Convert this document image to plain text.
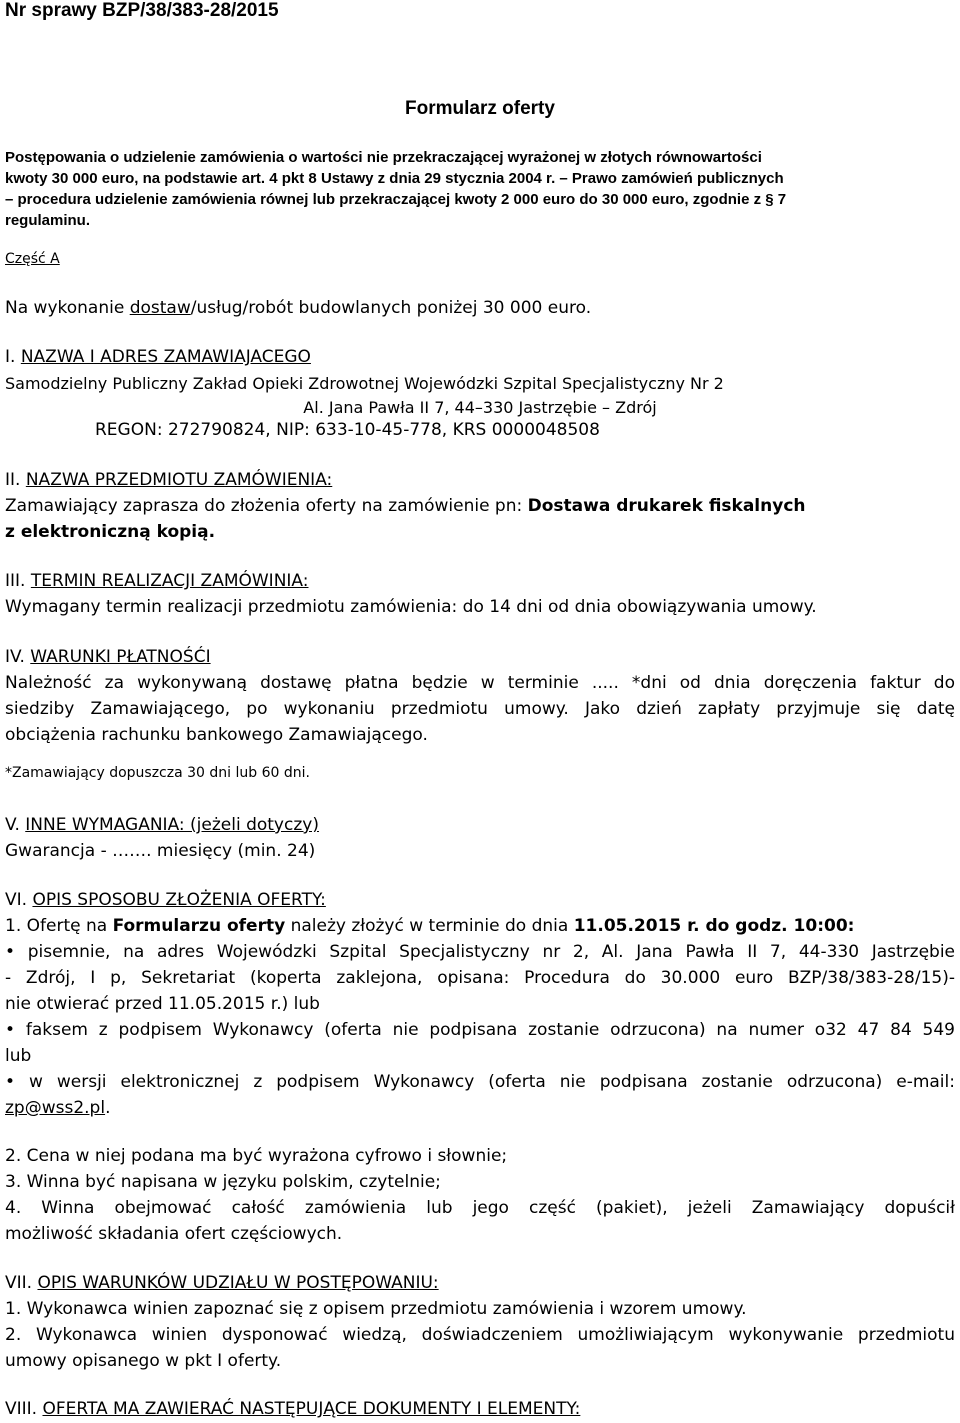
Nr sprawy BZP/38/383-28/2015
Formularz oferty
Postępowania o udzielenie zamówienia o wartości nie przekraczającej wyrażonej w złotych równowartości
kwoty 30 000 euro, na podstawie art. 4 pkt 8 Ustawy z dnia 29 stycznia 2004 r. – Prawo zamówień publicznych
– procedura udzielenie zamówienia równej lub przekraczającej kwoty 2 000 euro do 30 000 euro, zgodnie z § 7
regulaminu.
Część A
Na wykonanie dostaw/usług/robót budowlanych poniżej 30 000 euro.
I. NAZWA I ADRES ZAMAWIAJACEGO
Samodzielny Publiczny Zakład Opieki Zdrowotnej Wojewódzki Szpital Specjalistyczny Nr 2
Al. Jana Pawła II 7, 44–330 Jastrzębie – Zdrój
REGON: 272790824, NIP: 633-10-45-778, KRS 0000048508
II. NAZWA PRZEDMIOTU ZAMÓWIENIA:
Zamawiający zaprasza do złożenia oferty na zamówienie pn: Dostawa drukarek fiskalnych
z elektroniczną kopią.
III. TERMIN REALIZACJI ZAMÓWINIA:
Wymagany termin realizacji przedmiotu zamówienia: do 14 dni od dnia obowiązywania umowy.
IV. WARUNKI PŁATNOŚĆI
Należność za wykonywaną dostawę płatna będzie w terminie ..... *dni od dnia doręczenia faktur do
siedziby Zamawiającego, po wykonaniu przedmiotu umowy. Jako dzień zapłaty przyjmuje się datę
obciążenia rachunku bankowego Zamawiającego.
*Zamawiający dopuszcza 30 dni lub 60 dni.
V. INNE WYMAGANIA: (jeżeli dotyczy)
Gwarancja - ……. miesięcy (min. 24)
VI. OPIS SPOSOBU ZŁOŻENIA OFERTY:
1. Ofertę na Formularzu oferty należy złożyć w terminie do dnia 11.05.2015 r. do godz. 10:00:
• pisemnie, na adres Wojewódzki Szpital Specjalistyczny nr 2, Al. Jana Pawła II 7, 44-330 Jastrzębie
- Zdrój, I p, Sekretariat (koperta zaklejona, opisana: Procedura do 30.000 euro BZP/38/383-28/15)-
nie otwierać przed 11.05.2015 r.) lub
• faksem z podpisem Wykonawcy (oferta nie podpisana zostanie odrzucona) na numer o32 47 84 549
lub
• w wersji elektronicznej z podpisem Wykonawcy (oferta nie podpisana zostanie odrzucona) e-mail:
zp@wss2.pl.
2. Cena w niej podana ma być wyrażona cyfrowo i słownie;
3. Winna być napisana w języku polskim, czytelnie;
4. Winna obejmować całość zamówienia lub jego część (pakiet), jeżeli Zamawiający dopuścił
możliwość składania ofert częściowych.
VII. OPIS WARUNKÓW UDZIAŁU W POSTĘPOWANIU:
1. Wykonawca winien zapoznać się z opisem przedmiotu zamówienia i wzorem umowy.
2. Wykonawca winien dysponować wiedzą, doświadczeniem umożliwiającym wykonywanie przedmiotu
umowy opisanego w pkt I oferty.
VIII. OFERTA MA ZAWIERAĆ NASTĘPUJĄCE DOKUMENTY I ELEMENTY:
